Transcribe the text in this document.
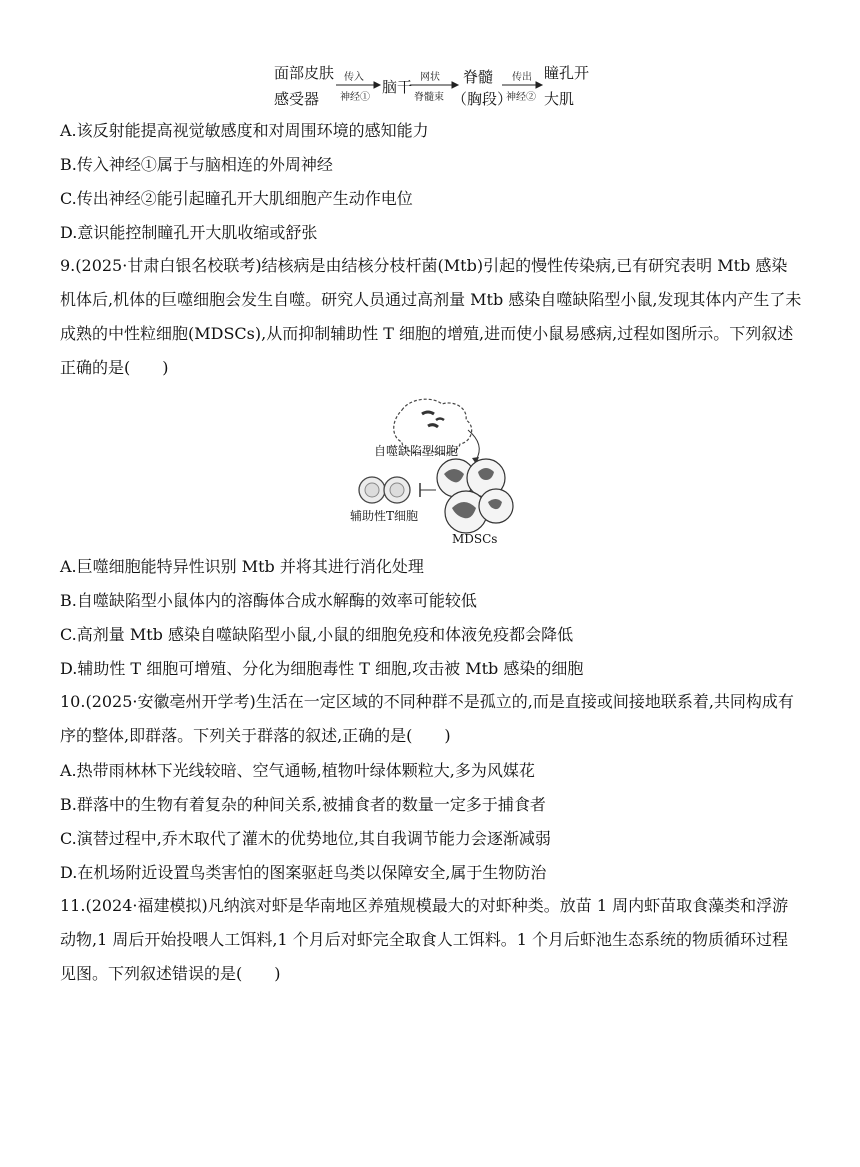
面部皮肤
感受器
传入
神经①
脑干
网状
脊髓束
脊髓
（胸段）
传出
神经②
瞳孔开
大肌
A.该反射能提高视觉敏感度和对周围环境的感知能力
B.传入神经①属于与脑相连的外周神经
C.传出神经②能引起瞳孔开大肌细胞产生动作电位
D.意识能控制瞳孔开大肌收缩或舒张
9.(2025·甘肃白银名校联考)结核病是由结核分枝杆菌(Mtb)引起的慢性传染病,已有研究表明 Mtb 感染机体后,机体的巨噬细胞会发生自噬。研究人员通过高剂量 Mtb 感染自噬缺陷型小鼠,发现其体内产生了未成熟的中性粒细胞(MDSCs),从而抑制辅助性 T 细胞的增殖,进而使小鼠易感病,过程如图所示。下列叙述正确的是(　　)
自噬缺陷型细胞
辅助性T细胞
MDSCs
A.巨噬细胞能特异性识别 Mtb 并将其进行消化处理
B.自噬缺陷型小鼠体内的溶酶体合成水解酶的效率可能较低
C.高剂量 Mtb 感染自噬缺陷型小鼠,小鼠的细胞免疫和体液免疫都会降低
D.辅助性 T 细胞可增殖、分化为细胞毒性 T 细胞,攻击被 Mtb 感染的细胞
10.(2025·安徽亳州开学考)生活在一定区域的不同种群不是孤立的,而是直接或间接地联系着,共同构成有序的整体,即群落。下列关于群落的叙述,正确的是(　　)
A.热带雨林林下光线较暗、空气通畅,植物叶绿体颗粒大,多为风媒花
B.群落中的生物有着复杂的种间关系,被捕食者的数量一定多于捕食者
C.演替过程中,乔木取代了灌木的优势地位,其自我调节能力会逐渐减弱
D.在机场附近设置鸟类害怕的图案驱赶鸟类以保障安全,属于生物防治
11.(2024·福建模拟)凡纳滨对虾是华南地区养殖规模最大的对虾种类。放苗 1 周内虾苗取食藻类和浮游动物,1 周后开始投喂人工饵料,1 个月后对虾完全取食人工饵料。1 个月后虾池生态系统的物质循环过程见图。下列叙述错误的是(　　)
